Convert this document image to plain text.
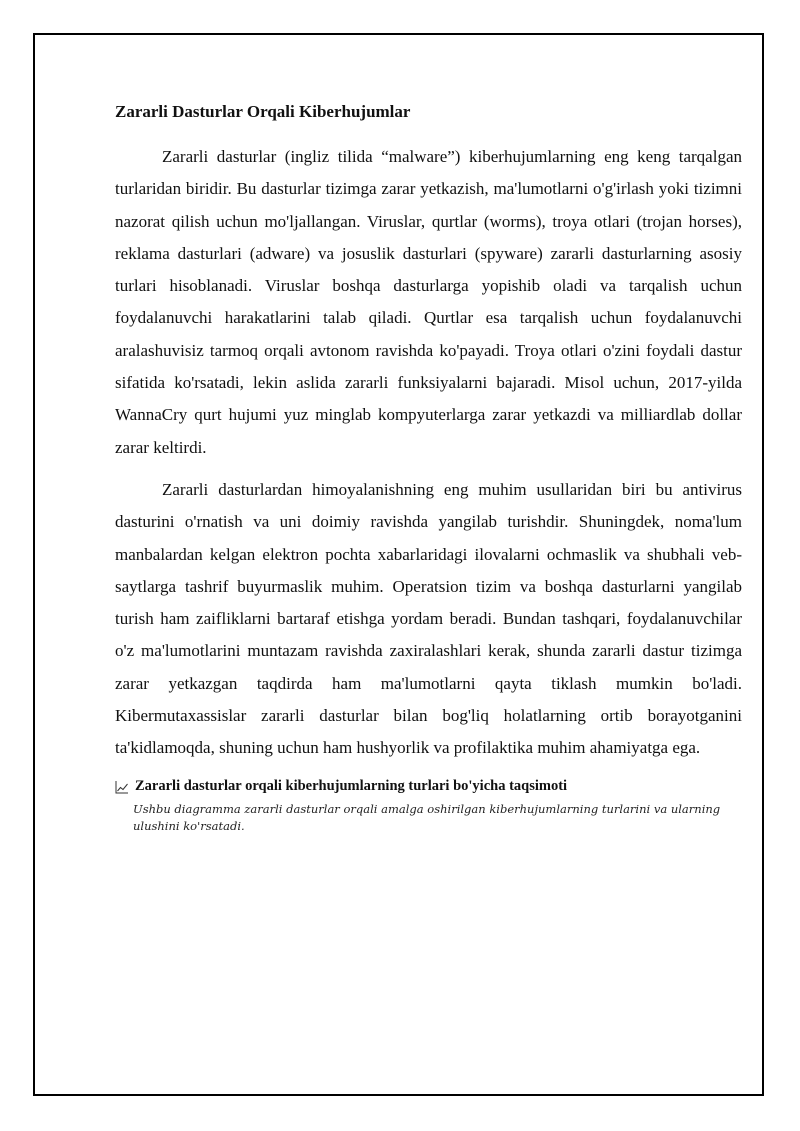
Zararli Dasturlar Orqali Kiberhujumlar

Zararli dasturlar (ingliz tilida “malware”) kiberhujumlarning eng keng tarqalgan turlaridan biridir. Bu dasturlar tizimga zarar yetkazish, ma'lumotlarni o'g'irlash yoki tizimni nazorat qilish uchun mo'ljallangan. Viruslar, qurtlar (worms), troya otlari (trojan horses), reklama dasturlari (adware) va josuslik dasturlari (spyware) zararli dasturlarning asosiy turlari hisoblanadi. Viruslar boshqa dasturlarga yopishib oladi va tarqalish uchun foydalanuvchi harakatlarini talab qiladi. Qurtlar esa tarqalish uchun foydalanuvchi aralashuvisiz tarmoq orqali avtonom ravishda ko'payadi. Troya otlari o'zini foydali dastur sifatida ko'rsatadi, lekin aslida zararli funksiyalarni bajaradi. Misol uchun, 2017-yilda WannaCry qurt hujumi yuz minglab kompyuterlarga zarar yetkazdi va milliardlab dollar zarar keltirdi.

Zararli dasturlardan himoyalanishning eng muhim usullaridan biri bu antivirus dasturini o'rnatish va uni doimiy ravishda yangilab turishdir. Shuningdek, noma'lum manbalardan kelgan elektron pochta xabarlaridagi ilovalarni ochmaslik va shubhali veb-saytlarga tashrif buyurmaslik muhim. Operatsion tizim va boshqa dasturlarni yangilab turish ham zaifliklarni bartaraf etishga yordam beradi. Bundan tashqari, foydalanuvchilar o'z ma'lumotlarini muntazam ravishda zaxiralashlari kerak, shunda zararli dastur tizimga zarar yetkazgan taqdirda ham ma'lumotlarni qayta tiklash mumkin bo'ladi. Kibermutaxassislar zararli dasturlar bilan bog'liq holatlarning ortib borayotganini ta'kidlamoqda, shuning uchun ham hushyorlik va profilaktika muhim ahamiyatga ega.

Zararli dasturlar orqali kiberhujumlarning turlari bo'yicha taqsimoti
Ushbu diagramma zararli dasturlar orqali amalga oshirilgan kiberhujumlarning turlarini va ularning ulushini ko'rsatadi.
